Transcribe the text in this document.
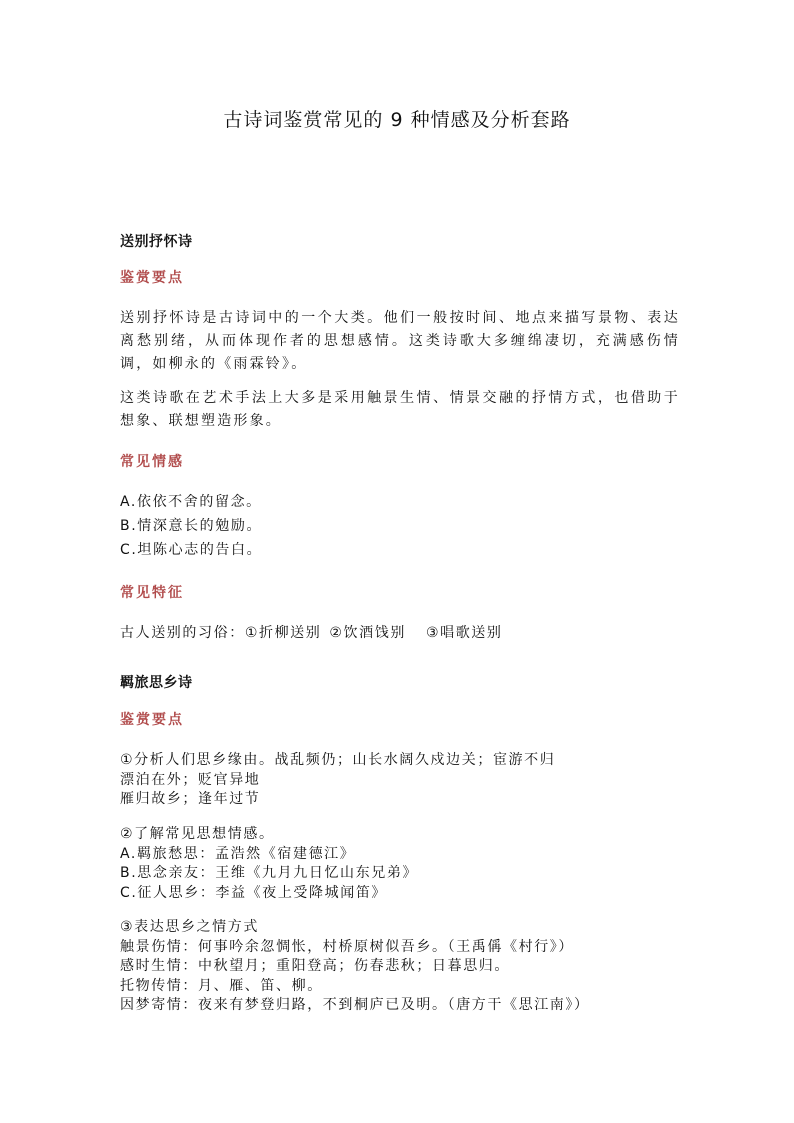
古诗词鉴赏常见的 9 种情感及分析套路
送别抒怀诗
鉴赏要点
送别抒怀诗是古诗词中的一个大类。他们一般按时间、地点来描写景物、表达离愁别绪，从而体现作者的思想感情。这类诗歌大多缠绵凄切，充满感伤情调，如柳永的《雨霖铃》。
这类诗歌在艺术手法上大多是采用触景生情、情景交融的抒情方式，也借助于想象、联想塑造形象。
常见情感
A.依依不舍的留念。
B.情深意长的勉励。
C.坦陈心志的告白。
常见特征
古人送别的习俗：①折柳送别 ②饮酒饯别 ③唱歌送别
羁旅思乡诗
鉴赏要点
①分析人们思乡缘由。战乱频仍；山长水阔久戍边关；宦游不归
漂泊在外；贬官异地
雁归故乡；逢年过节
②了解常见思想情感。
A.羁旅愁思：孟浩然《宿建德江》
B.思念亲友：王维《九月九日忆山东兄弟》
C.征人思乡：李益《夜上受降城闻笛》
③表达思乡之情方式
触景伤情：何事吟余忽惆怅，村桥原树似吾乡。（王禹偁《村行》）
感时生情：中秋望月；重阳登高；伤春悲秋；日暮思归。
托物传情：月、雁、笛、柳。
因梦寄情：夜来有梦登归路，不到桐庐已及明。（唐方干《思江南》）
